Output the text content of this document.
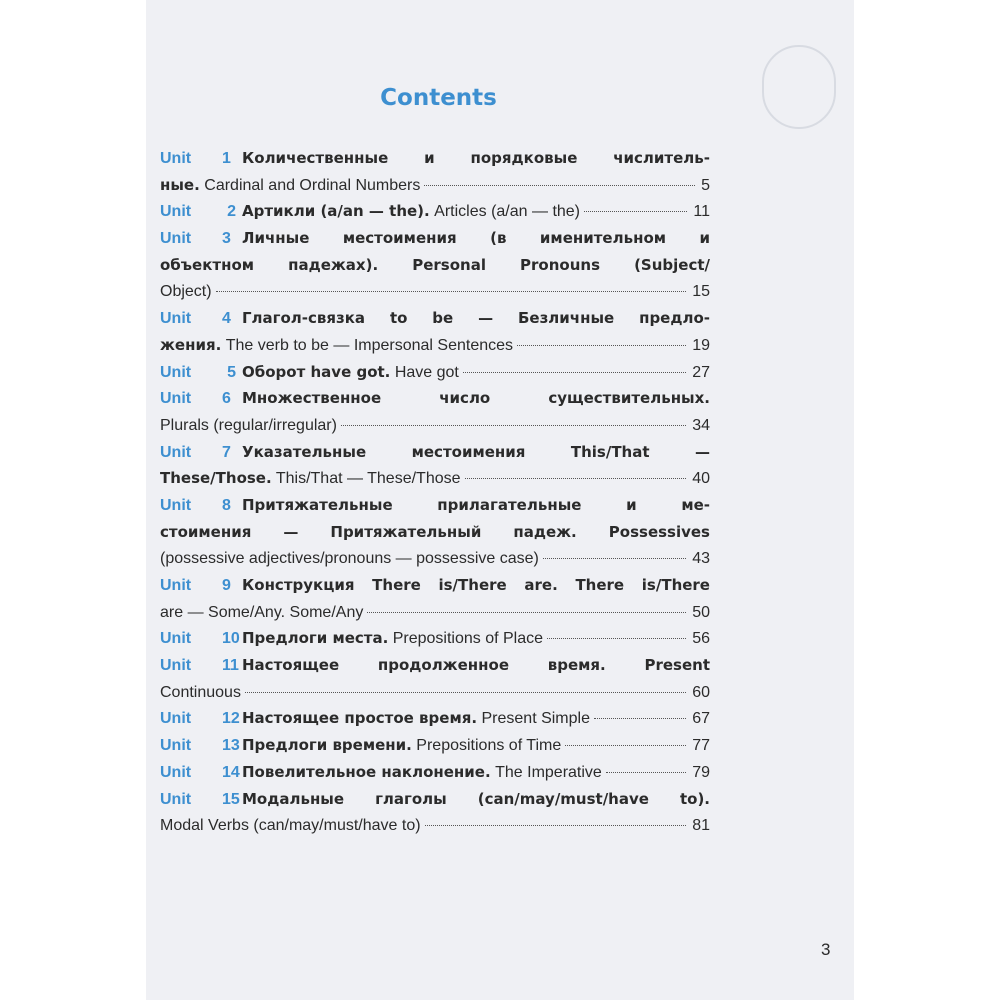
Contents
Unit 1 Количественные и порядковые числитель-
ные. Cardinal and Ordinal Numbers	5
Unit	2 Артикли (a/an — the). Articles (a/an — the)	11
Unit 3 Личные местоимения (в именительном и
объектном падежах). Personal Pronouns (Subject/
Object)	15
Unit 4 Глагол-связка to be — Безличные предло-
жения. The verb to be — Impersonal Sentences	19
Unit	5 Оборот have got. Have got	27
Unit 6 Множественное число существительных.
Plurals (regular/irregular)	34
Unit 7 Указательные местоимения This/That —
These/Those. This/That — These/Those	40
Unit 8 Притяжательные прилагательные и ме-
стоимения — Притяжательный падеж. Possessives
(possessive adjectives/pronouns — possessive case)	43
Unit 9 Конструкция There is/There are. There is/There
are — Some/Any. Some/Any	50
Unit	10 Предлоги места. Prepositions of Place	56
Unit 11 Настоящее продолженное время. Present
Continuous	60
Unit	12 Настоящее простое время. Present Simple	67
Unit	13 Предлоги времени. Prepositions of Time	77
Unit	14 Повелительное наклонение. The Imperative	79
Unit 15 Модальные глаголы (can/may/must/have to).
Modal Verbs (can/may/must/have to)	81
3
